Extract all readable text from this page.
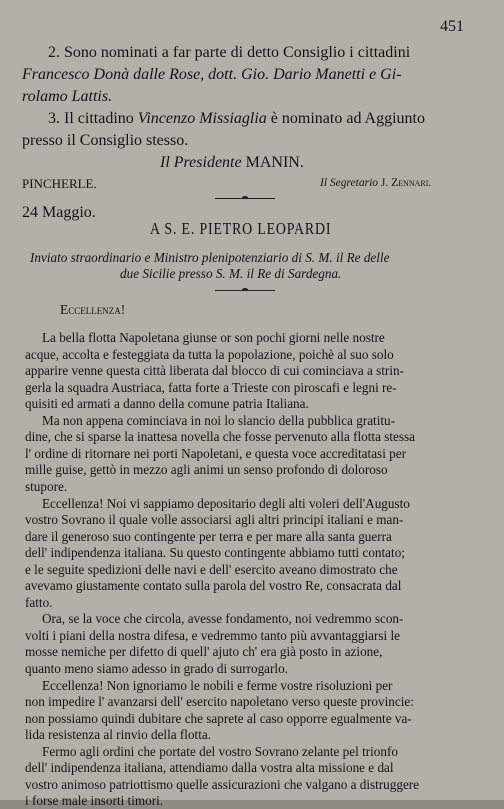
451
2. Sono nominati a far parte di detto Consiglio i cittadini
Francesco Donà dalle Rose, dott. Gio. Dario Manetti e Gi-
rolamo Lattis.
3. Il cittadino Vincenzo Missiaglia è nominato ad Aggiunto
presso il Consiglio stesso.
Il Presidente MANIN.
PINCHERLE.	Il Segretario J. Zennari.
24 Maggio.
A S. E. PIETRO LEOPARDI
Inviato straordinario e Ministro plenipotenziario di S. M. il Re delle
due Sicilie presso S. M. il Re di Sardegna.
Eccellenza!
La bella flotta Napoletana giunse or son pochi giorni nelle nostre
acque, accolta e festeggiata da tutta la popolazione, poichè al suo solo
apparire venne questa città liberata dal blocco di cui cominciava a strin-
gerla la squadra Austriaca, fatta forte a Trieste con piroscafi e legni re-
quisiti ed armati a danno della comune patria Italiana.
Ma non appena cominciava in noi lo slancio della pubblica gratitu-
dine, che si sparse la inattesa novella che fosse pervenuto alla flotta stessa
l' ordine di ritornare nei porti Napoletani, e questa voce accreditatasi per
mille guise, gettò in mezzo agli animi un senso profondo di doloroso
stupore.
Eccellenza! Noi vi sappiamo depositario degli alti voleri dell'Augusto
vostro Sovrano il quale volle associarsi agli altri principi italiani e man-
dare il generoso suo contingente per terra e per mare alla santa guerra
dell' indipendenza italiana. Su questo contingente abbiamo tutti contato;
e le seguite spedizioni delle navi e dell' esercito aveano dimostrato che
avevamo giustamente contato sulla parola del vostro Re, consacrata dal
fatto.
Ora, se la voce che circola, avesse fondamento, noi vedremmo scon-
volti i piani della nostra difesa, e vedremmo tanto più avvantaggiarsi le
mosse nemiche per difetto di quell' ajuto ch' era già posto in azione,
quanto meno siamo adesso in grado di surrogarlo.
Eccellenza! Non ignoriamo le nobili e ferme vostre risoluzioni per
non impedire l' avanzarsi dell' esercito napoletano verso queste provincie:
non possiamo quindi dubitare che saprete al caso opporre egualmente va-
lida resistenza al rinvio della flotta.
Fermo agli ordini che portate del vostro Sovrano zelante pel trionfo
dell' indipendenza italiana, attendiamo dalla vostra alta missione e dal
vostro animoso patriottismo quelle assicurazioni che valgano a distruggere
i forse male insorti timori.
